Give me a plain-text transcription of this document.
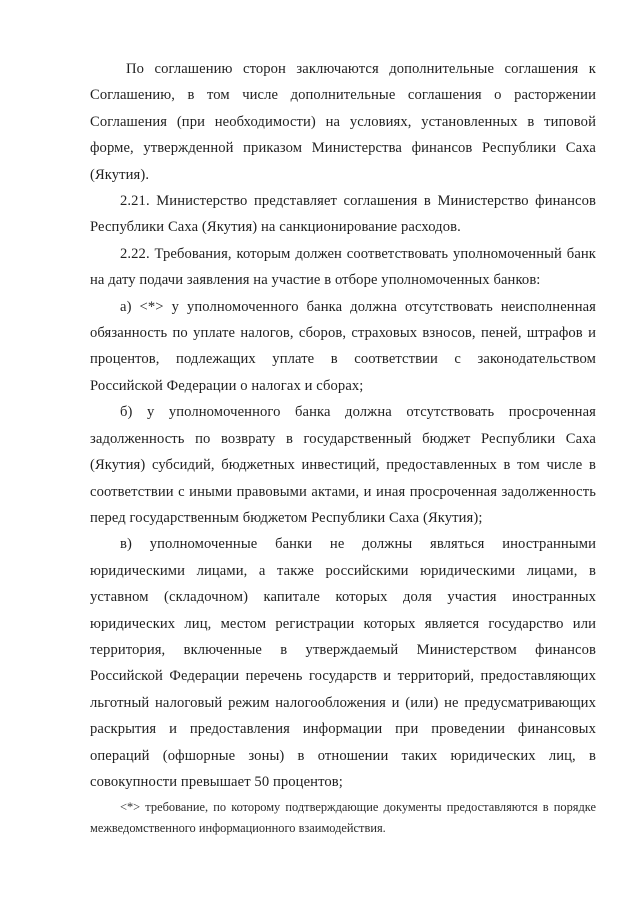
По соглашению сторон заключаются дополнительные соглашения к Соглашению, в том числе дополнительные соглашения о расторжении Соглашения (при необходимости) на условиях, установленных в типовой форме, утвержденной приказом Министерства финансов Республики Саха (Якутия).

2.21. Министерство представляет соглашения в Министерство финансов Республики Саха (Якутия) на санкционирование расходов.

2.22. Требования, которым должен соответствовать уполномоченный банк на дату подачи заявления на участие в отборе уполномоченных банков:

а) <*> у уполномоченного банка должна отсутствовать неисполненная обязанность по уплате налогов, сборов, страховых взносов, пеней, штрафов и процентов, подлежащих уплате в соответствии с законодательством Российской Федерации о налогах и сборах;

б) у уполномоченного банка должна отсутствовать просроченная задолженность по возврату в государственный бюджет Республики Саха (Якутия) субсидий, бюджетных инвестиций, предоставленных в том числе в соответствии с иными правовыми актами, и иная просроченная задолженность перед государственным бюджетом Республики Саха (Якутия);

в) уполномоченные банки не должны являться иностранными юридическими лицами, а также российскими юридическими лицами, в уставном (складочном) капитале которых доля участия иностранных юридических лиц, местом регистрации которых является государство или территория, включенные в утверждаемый Министерством финансов Российской Федерации перечень государств и территорий, предоставляющих льготный налоговый режим налогообложения и (или) не предусматривающих раскрытия и предоставления информации при проведении финансовых операций (офшорные зоны) в отношении таких юридических лиц, в совокупности превышает 50 процентов;

<*> требование, по которому подтверждающие документы предоставляются в порядке межведомственного информационного взаимодействия.
